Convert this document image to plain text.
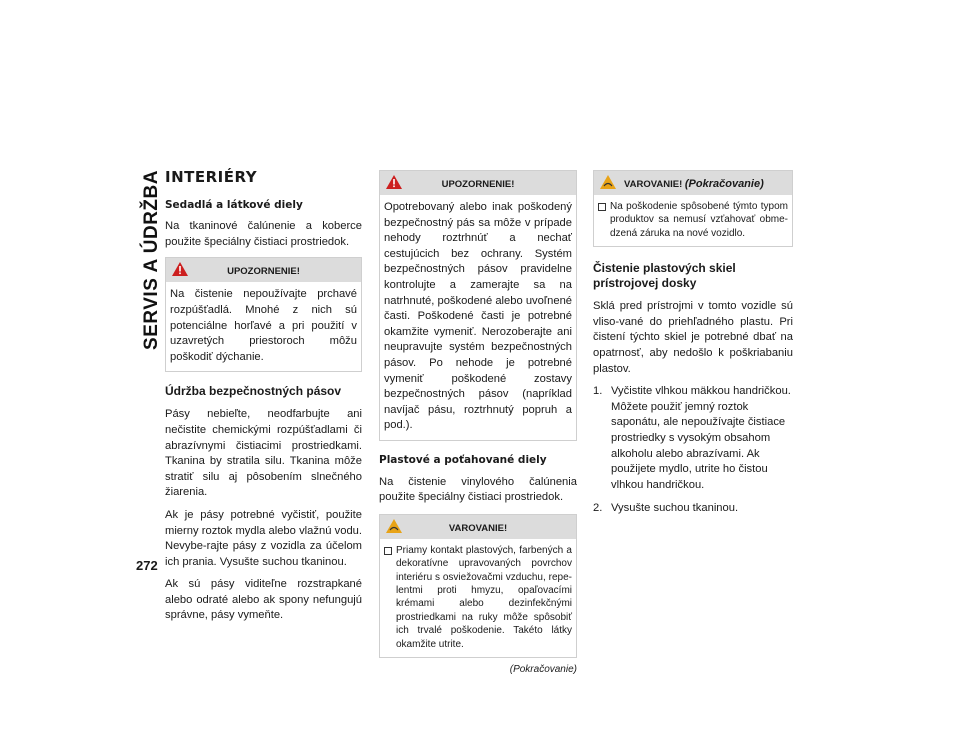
SERVIS A ÚDRŽBA
272
INTERIÉRY
Sedadlá a látkové diely

Na tkaninové čalúnenie a koberce použite špeciálny čistiaci prostriedok.

UPOZORNENIE!
Na čistenie nepoužívajte prchavé rozpúšťadlá. Mnohé z nich sú potenciálne horľavé a pri použití v uzavretých priestoroch môžu poškodiť dýchanie.
Údržba bezpečnostných pásov

Pásy nebieľte, neodfarbujte ani nečistite chemickými rozpúšťadlami či abrazívnymi čistiacimi prostriedkami. Tkanina by stratila silu. Tkanina môže stratiť silu aj pôsobením slnečného žiarenia.

Ak je pásy potrebné vyčistiť, použite mierny roztok mydla alebo vlažnú vodu. Nevybe-rajte pásy z vozidla za účelom ich prania. Vysušte suchou tkaninou.

Ak sú pásy viditeľne rozstrapkané alebo odraté alebo ak spony nefungujú správne, pásy vymeňte.

UPOZORNENIE!
Opotrebovaný alebo inak poškodený bezpečnostný pás sa môže v prípade nehody roztrhnúť a nechať cestujúcich bez ochrany. Systém bezpečnostných pásov pravidelne kontrolujte a zamerajte sa na natrhnuté, poškodené alebo uvoľnené časti. Poškodené časti je potrebné okamžite vymeniť. Nerozoberajte ani neupravujte systém bezpečnostných pásov. Po nehode je potrebné vymeniť poškodené zostavy bezpečnostných pásov (napríklad navíjač pásu, roztrhnutý popruh a pod.).
Plastové a poťahované diely

Na čistenie vinylového čalúnenia použite špeciálny čistiaci prostriedok.

VAROVANIE!
Priamy kontakt plastových, farbených a dekoratívne upravovaných povrchov interiéru s osviežovačmi vzduchu, repe-lentmi proti hmyzu, opaľovacími krémami alebo dezinfekčnými prostriedkami na ruky môže spôsobiť ich trvalé poškodenie. Takéto látky okamžite utrite.
(Pokračovanie)
VAROVANIE! (Pokračovanie)
Na poškodenie spôsobené týmto typom produktov sa nemusí vzťahovať obme-dzená záruka na nové vozidlo.
Čistenie plastových skiel prístrojovej dosky

Sklá pred prístrojmi v tomto vozidle sú vliso-vané do priehľadného plastu. Pri čistení týchto skiel je potrebné dbať na opatrnosť, aby nedošlo k poškriabaniu plastov.

1. Vyčistite vlhkou mäkkou handričkou. Môžete použiť jemný roztok saponátu, ale nepoužívajte čistiace prostriedky s vysokým obsahom alkoholu alebo abrazívami. Ak použijete mydlo, utrite ho čistou vlhkou handričkou.
2. Vysušte suchou tkaninou.
